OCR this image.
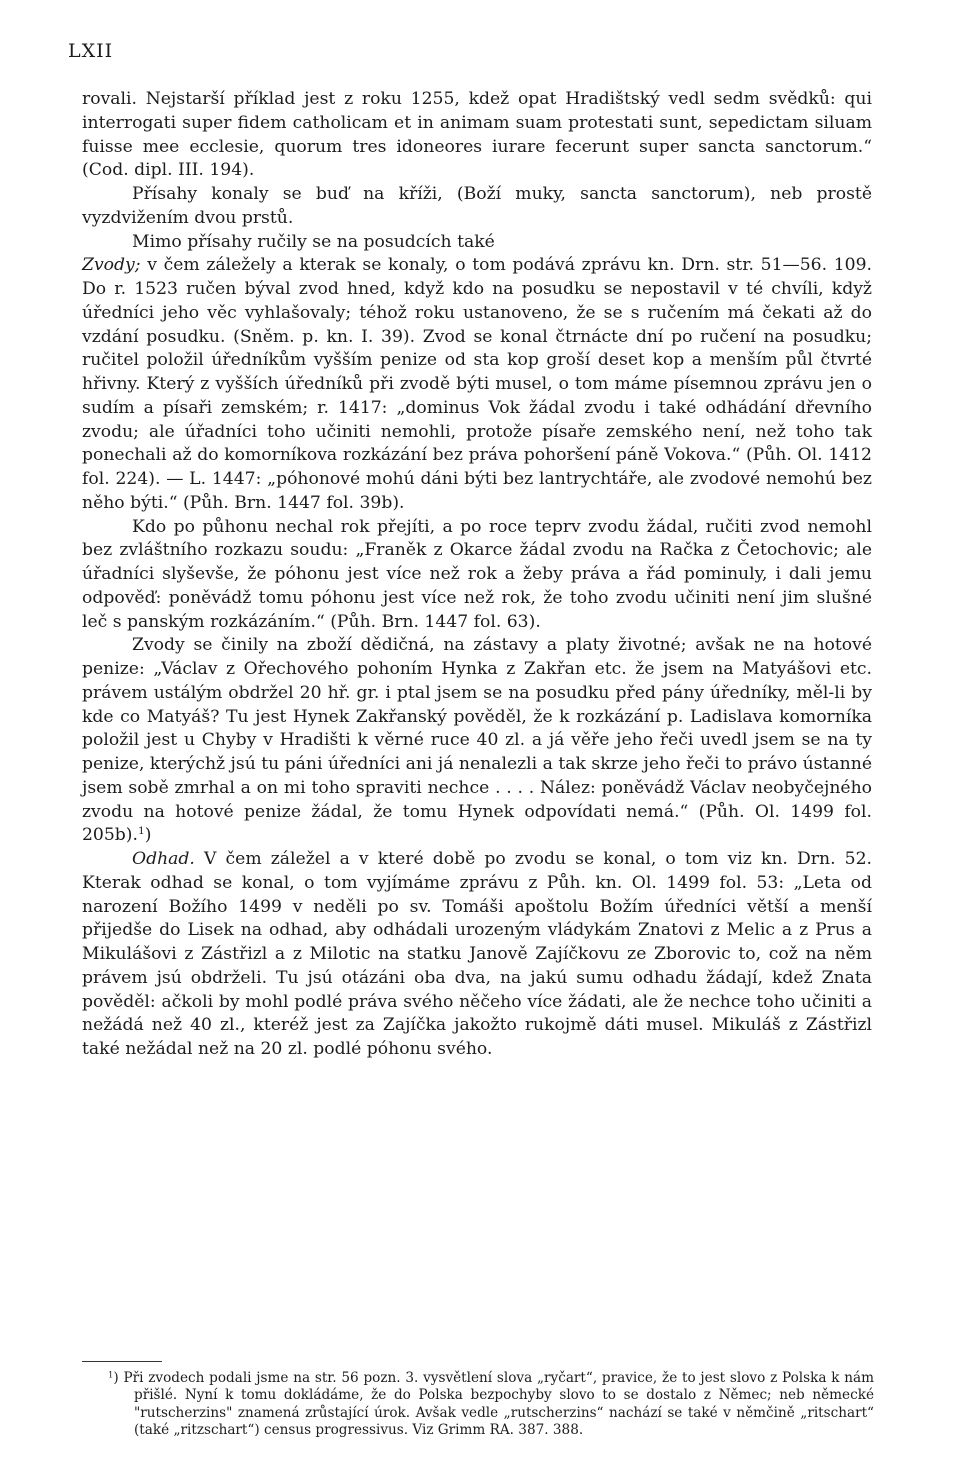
LXII

rovali. Nejstarší příklad jest z roku 1255, kdež opat Hradištský vedl sedm svědků: qui interrogati super fidem catholicam et in animam suam protestati sunt, sepedictam siluam fuisse mee ecclesie, quorum tres idoneores iurare fecerunt super sancta sanctorum.“ (Cod. dipl. III. 194).

Přísahy konaly se buď na kříži, (Boží muky, sancta sanctorum), neb prostě vyzdvižením dvou prstů.

Mimo přísahy ručily se na posudcích také

Zvody; v čem záležely a kterak se konaly, o tom podává zprávu kn. Drn. str. 51—56. 109. Do r. 1523 ručen býval zvod hned, když kdo na posudku se nepostavil v té chvíli, když úředníci jeho věc vyhlašovaly; téhož roku ustanoveno, že se s ručením má čekati až do vzdání posudku. (Sněm. p. kn. I. 39). Zvod se konal čtrnácte dní po ručení na posudku; ručitel položil úředníkům vyšším penize od sta kop groší deset kop a menším půl čtvrté hřivny. Který z vyšších úředníků při zvodě býti musel, o tom máme písemnou zprávu jen o sudím a písaři zemském; r. 1417: „dominus Vok žádal zvodu i také odhádání dřevního zvodu; ale úřadníci toho učiniti nemohli, protože písaře zemského není, než toho tak ponechali až do komorníkova rozkázání bez práva pohoršení páně Vokova.“ (Půh. Ol. 1412 fol. 224). — L. 1447: „póhonové mohú dáni býti bez lantrychtáře, ale zvodové nemohú bez něho býti.“ (Půh. Brn. 1447 fol. 39b).

Kdo po půhonu nechal rok přejíti, a po roce teprv zvodu žádal, ručiti zvod nemohl bez zvláštního rozkazu soudu: „Franěk z Okarce žádal zvodu na Račka z Četochovic; ale úřadníci slyševše, že póhonu jest více než rok a žeby práva a řád pominuly, i dali jemu odpověď: poněvádž tomu póhonu jest více než rok, že toho zvodu učiniti není jim slušné leč s panským rozkázáním.“ (Půh. Brn. 1447 fol. 63).

Zvody se činily na zboží dědičná, na zástavy a platy životné; avšak ne na hotové penize: „Václav z Ořechového pohoním Hynka z Zakřan etc. že jsem na Matyášovi etc. právem ustálým obdržel 20 hř. gr. i ptal jsem se na posudku před pány úředníky, měl-li by kde co Matyáš? Tu jest Hynek Zakřanský pověděl, že k rozkázání p. Ladislava komorníka položil jest u Chyby v Hradišti k věrné ruce 40 zl. a já věře jeho řeči uvedl jsem se na ty penize, kterýchž jsú tu páni úředníci ani já nenalezli a tak skrze jeho řeči to právo ústanné jsem sobě zmrhal a on mi toho spraviti nechce . . . . Nález: poněvádž Václav neobyčejného zvodu na hotové penize žádal, že tomu Hynek odpovídati nemá.“ (Půh. Ol. 1499 fol. 205b).$^1$)

Odhad. V čem záležel a v které době po zvodu se konal, o tom viz kn. Drn. 52. Kterak odhad se konal, o tom vyjímáme zprávu z Půh. kn. Ol. 1499 fol. 53: „Leta od narození Božího 1499 v neděli po sv. Tomáši apoštolu Božím úředníci větší a menší přijedše do Lisek na odhad, aby odhádali urozeným vládykám Znatovi z Melic a z Prus a Mikulášovi z Zástřizl a z Milotic na statku Janově Zajíčkovu ze Zborovic to, což na něm právem jsú obdrželi. Tu jsú otázáni oba dva, na jakú sumu odhadu žádají, kdež Znata pověděl: ačkoli by mohl podlé práva svého něčeho více žádati, ale že nechce toho učiniti a nežádá než 40 zl., kteréž jest za Zajíčka jakožto rukojmě dáti musel. Mikuláš z Zástřizl také nežádal než na 20 zl. podlé póhonu svého.

$^1$) Při zvodech podali jsme na str. 56 pozn. 3. vysvětlení slova „ryčart“, pravice, že to jest slovo z Polska k nám přišlé. Nyní k tomu dokládáme, že do Polska bezpochyby slovo to se dostalo z Němec; neb německé "rutscherzins" znamená zrůstající úrok. Avšak vedle „rutscherzins“ nachází se také v němčině „ritschart“ (také „ritzschart“) census progressivus. Viz Grimm RA. 387. 388.
